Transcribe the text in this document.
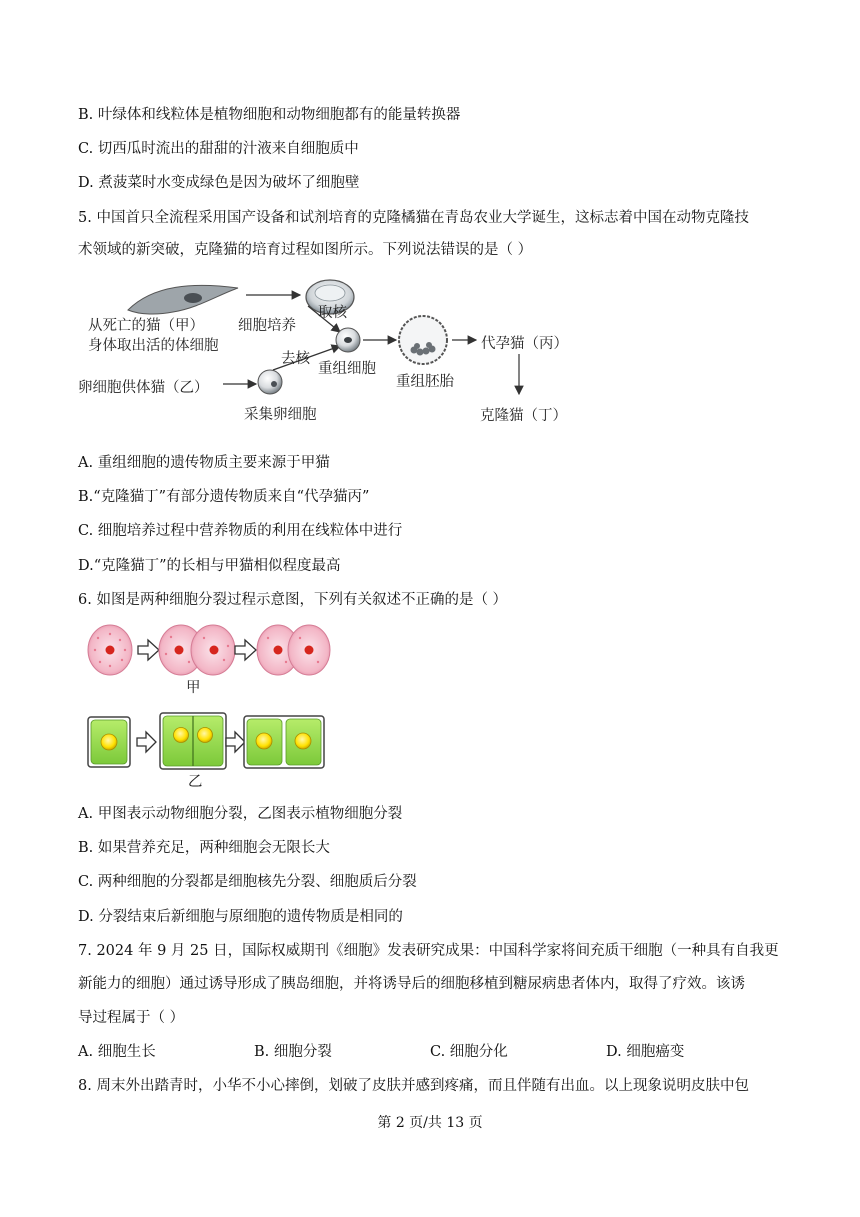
B. 叶绿体和线粒体是植物细胞和动物细胞都有的能量转换器
C. 切西瓜时流出的甜甜的汁液来自细胞质中
D. 煮菠菜时水变成绿色是因为破坏了细胞壁
5. 中国首只全流程采用国产设备和试剂培育的克隆橘猫在青岛农业大学诞生，这标志着中国在动物克隆技
术领域的新突破，克隆猫的培育过程如图所示。下列说法错误的是（ ）
从死亡的猫（甲）
身体取出活的体细胞
细胞培养
取核
去核
卵细胞供体猫（乙）
采集卵细胞
重组细胞
重组胚胎
代孕猫（丙）
克隆猫（丁）
A. 重组细胞的遗传物质主要来源于甲猫
B.“克隆猫丁”有部分遗传物质来自“代孕猫丙”
C. 细胞培养过程中营养物质的利用在线粒体中进行
D.“克隆猫丁”的长相与甲猫相似程度最高
6. 如图是两种细胞分裂过程示意图，下列有关叙述不正确的是（ ）
甲
乙
A. 甲图表示动物细胞分裂，乙图表示植物细胞分裂
B. 如果营养充足，两种细胞会无限长大
C. 两种细胞的分裂都是细胞核先分裂、细胞质后分裂
D. 分裂结束后新细胞与原细胞的遗传物质是相同的
7. 2024 年 9 月 25 日，国际权威期刊《细胞》发表研究成果：中国科学家将间充质干细胞（一种具有自我更
新能力的细胞）通过诱导形成了胰岛细胞，并将诱导后的细胞移植到糖尿病患者体内，取得了疗效。该诱
导过程属于（ ）
A. 细胞生长	B. 细胞分裂	C. 细胞分化	D. 细胞癌变
8. 周末外出踏青时，小华不小心摔倒，划破了皮肤并感到疼痛，而且伴随有出血。以上现象说明皮肤中包
第 2 页/共 13 页
